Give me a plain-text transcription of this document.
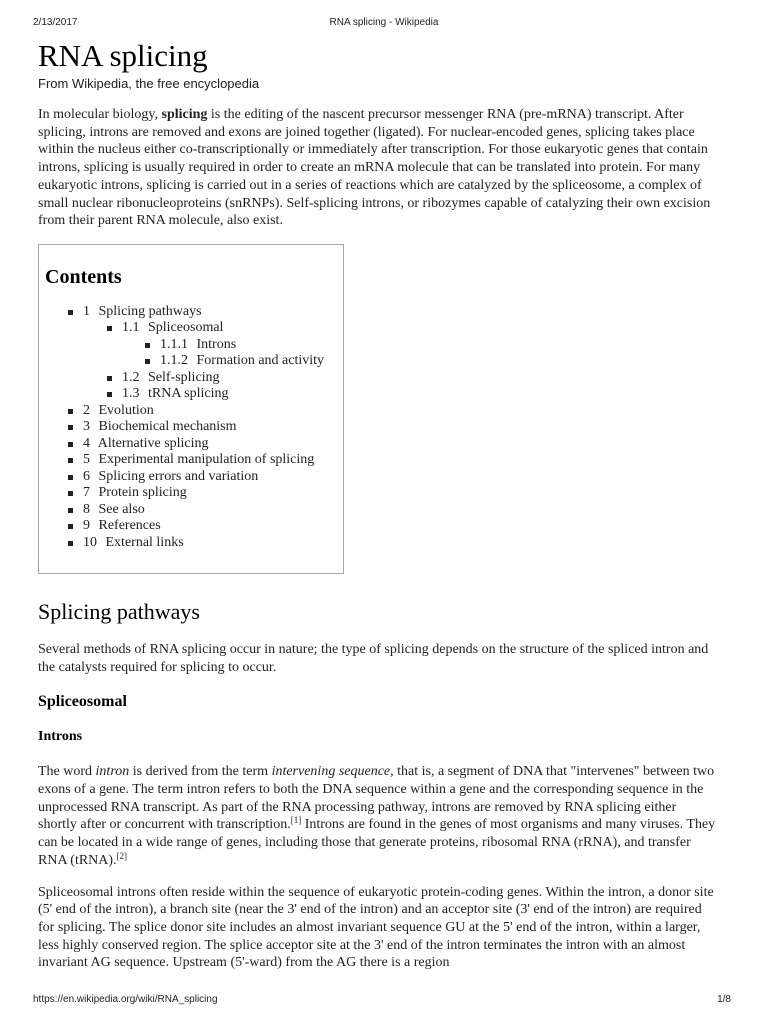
2/13/2017	RNA splicing - Wikipedia
RNA splicing
From Wikipedia, the free encyclopedia

In molecular biology, splicing is the editing of the nascent precursor messenger RNA (pre-mRNA) transcript. After splicing, introns are removed and exons are joined together (ligated). For nuclear-encoded genes, splicing takes place within the nucleus either co-transcriptionally or immediately after transcription. For those eukaryotic genes that contain introns, splicing is usually required in order to create an mRNA molecule that can be translated into protein. For many eukaryotic introns, splicing is carried out in a series of reactions which are catalyzed by the spliceosome, a complex of small nuclear ribonucleoproteins (snRNPs). Self-splicing introns, or ribozymes capable of catalyzing their own excision from their parent RNA molecule, also exist.

Contents
1 Splicing pathways
1.1 Spliceosomal
1.1.1 Introns
1.1.2 Formation and activity
1.2 Self-splicing
1.3 tRNA splicing
2 Evolution
3 Biochemical mechanism
4 Alternative splicing
5 Experimental manipulation of splicing
6 Splicing errors and variation
7 Protein splicing
8 See also
9 References
10 External links
Splicing pathways

Several methods of RNA splicing occur in nature; the type of splicing depends on the structure of the spliced intron and the catalysts required for splicing to occur.

Spliceosomal
Introns

The word intron is derived from the term intervening sequence, that is, a segment of DNA that "intervenes" between two exons of a gene. The term intron refers to both the DNA sequence within a gene and the corresponding sequence in the unprocessed RNA transcript. As part of the RNA processing pathway, introns are removed by RNA splicing either shortly after or concurrent with transcription.[1] Introns are found in the genes of most organisms and many viruses. They can be located in a wide range of genes, including those that generate proteins, ribosomal RNA (rRNA), and transfer RNA (tRNA).[2]

Spliceosomal introns often reside within the sequence of eukaryotic protein-coding genes. Within the intron, a donor site (5' end of the intron), a branch site (near the 3' end of the intron) and an acceptor site (3' end of the intron) are required for splicing. The splice donor site includes an almost invariant sequence GU at the 5' end of the intron, within a larger, less highly conserved region. The splice acceptor site at the 3' end of the intron terminates the intron with an almost invariant AG sequence. Upstream (5'-ward) from the AG there is a region

https://en.wikipedia.org/wiki/RNA_splicing	1/8
